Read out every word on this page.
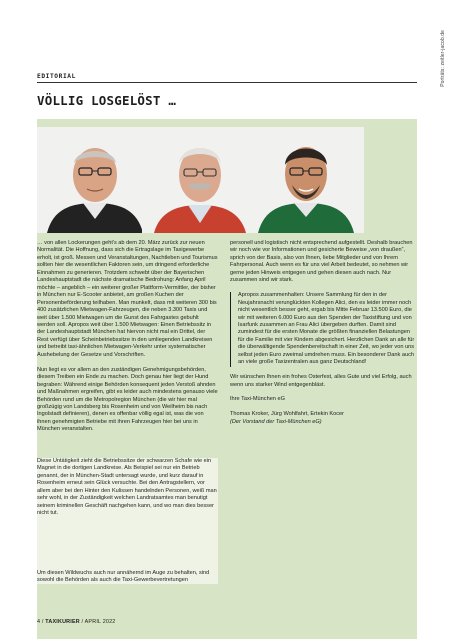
Porträts: zeitler-jacob.de
EDITORIAL
VÖLLIG LOSGELÖST …

… von allen Lockerungen geht's ab dem 20. März zurück zur neuen Normalität. Die Hoffnung, dass sich die Ertragslage im Taxigewerbe erholt, ist groß. Messen und Veranstaltungen, Nachtleben und Tourismus sollten hier die wesentlichen Faktoren sein, um dringend erforderliche Einnahmen zu generieren. Trotzdem schwebt über der Bayerischen Landeshauptstadt die nächste dramatische Bedrohung: Anfang April möchte – angeblich – ein weiterer großer Plattform-Vermittler, der bisher in München nur E-Scooter anbietet, am großen Kuchen der Personenbeförderung teilhaben. Man munkelt, dass mit weiteren 300 bis 400 zusätzlichen Mietwagen-Fahrzeugen, die neben 3.300 Taxis und weit über 1.500 Mietwagen um die Gunst des Fahrgastes gebuhlt werden soll. Apropos weit über 1.500 Mietwagen: Einen Betriebssitz in der Landeshauptstadt München hat hiervon nicht mal ein Drittel, der Rest verfügt über Scheinbetriebssitze in den umliegenden Landkreisen und betreibt taxi-ähnlichen Mietwagen-Verkehr unter systematischer Aushebelung der Gesetze und Vorschriften.

Nun liegt es vor allem an den zuständigen Genehmigungsbehörden, diesem Treiben ein Ende zu machen. Doch genau hier liegt der Hund begraben: Während einige Behörden konsequent jeden Verstoß ahnden und Maßnahmen ergreifen, gibt es leider auch mindestens genauso viele Behörden rund um die Metropolregion München (die wir hier mal großzügig von Landsberg bis Rosenheim und von Weilheim bis nach Ingolstadt definieren), denen es offenbar völlig egal ist, was die von ihnen genehmigten Betriebe mit ihren Fahrzeugen hier bei uns in München veranstalten.

Diese Untätigkeit zieht die Betriebssitze der schwarzen Schafe wie ein Magnet in die dortigen Landkreise. Als Beispiel sei nur ein Betrieb genannt, der in München-Stadt untersagt wurde, und kurz darauf in Rosenheim erneut sein Glück versuchte. Bei den Antragstellern, vor allem aber bei den Hinter den Kulissen handelnden Personen, weiß man sehr wohl, in der Zuständigkeit welchen Landratsamtes man benutigt seinem kriminellen Geschäft nachgehen kann, und wo man dies besser nicht tut.

Um diesen Wildwuchs auch nur annähernd im Auge zu behalten, sind sowohl die Behörden als auch die Taxi-Gewerbevertretungen

personell und logistisch nicht entsprechend aufgestellt. Deshalb brauchen wir noch wie vor Informationen und gesicherte Beweise „von draußen“, sprich von der Basis, also von Ihnen, liebe Mitglieder und von Ihrem Fahrpersonal. Auch wenn es für uns viel Arbeit bedeutet, so nehmen wir gerne jeden Hinweis entgegen und gehen diesen auch nach. Nur zusammen sind wir stark.

Apropos zusammenhalten: Unsere Sammlung für den in der Neujahrsnacht verunglückten Kollegen Alici, den es leider immer noch nicht wesentlich besser geht, ergab bis Mitte Februar 13.500 Euro, die wir mit weiteren 6.000 Euro aus den Spenden der Taxistiftung und von Isarfunk zusammen an Frau Alici übergeben durften. Damit sind zumindest für die ersten Monate die größten finanziellen Belastungen für die Familie mit vier Kindern abgesichert. Herzlichen Dank an alle für die überwältigende Spendenbereitschaft in einer Zeit, wo jeder von uns selbst jeden Euro zweimal umdrehen muss. Ein besonderer Dank auch an viele große Taxizentralen aus ganz Deutschland!

Wir wünschen Ihnen ein frohes Osterfest, alles Gute und viel Erfolg, auch wenn uns starker Wind entgegenbläst.

Ihre Taxi-München eG

Thomas Kroker, Jürg Wohlfahrt, Ertekin Kocer
(Der Vorstand der Taxi-München eG)
4 / TAXIKURIER / APRIL 2022
